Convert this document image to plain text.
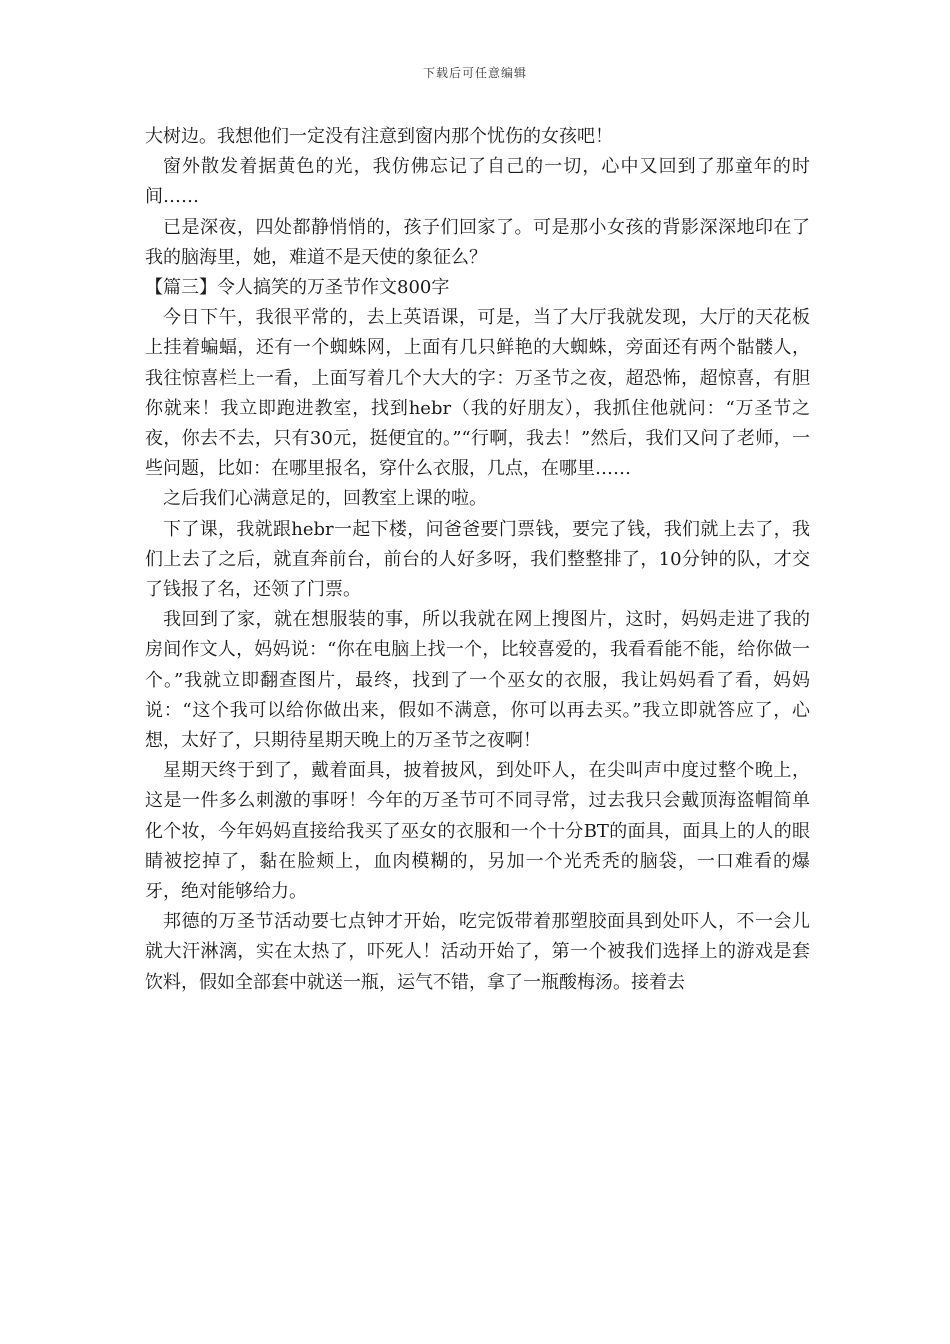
下载后可任意编辑

大树边。我想他们一定没有注意到窗内那个忧伤的女孩吧！

窗外散发着据黄色的光，我仿佛忘记了自己的一切，心中又回到了那童年的时间……

已是深夜，四处都静悄悄的，孩子们回家了。可是那小女孩的背影深深地印在了我的脑海里，她，难道不是天使的象征么？

【篇三】令人搞笑的万圣节作文800字

今日下午，我很平常的，去上英语课，可是，当了大厅我就发现，大厅的天花板上挂着蝙蝠，还有一个蜘蛛网，上面有几只鲜艳的大蜘蛛，旁面还有两个骷髅人，我往惊喜栏上一看，上面写着几个大大的字：万圣节之夜，超恐怖，超惊喜，有胆你就来！我立即跑进教室，找到hebr（我的好朋友），我抓住他就问：“万圣节之夜，你去不去，只有30元，挺便宜的。”“行啊，我去！”然后，我们又问了老师，一些问题，比如：在哪里报名，穿什么衣服，几点，在哪里……

之后我们心满意足的，回教室上课的啦。

下了课，我就跟hebr一起下楼，问爸爸要门票钱，要完了钱，我们就上去了，我们上去了之后，就直奔前台，前台的人好多呀，我们整整排了，10分钟的队，才交了钱报了名，还领了门票。

我回到了家，就在想服装的事，所以我就在网上搜图片，这时，妈妈走进了我的房间作文人，妈妈说：“你在电脑上找一个，比较喜爱的，我看看能不能，给你做一个。”我就立即翻查图片，最终，找到了一个巫女的衣服，我让妈妈看了看，妈妈说：“这个我可以给你做出来，假如不满意，你可以再去买。”我立即就答应了，心想，太好了，只期待星期天晚上的万圣节之夜啊！

星期天终于到了，戴着面具，披着披风，到处吓人，在尖叫声中度过整个晚上，这是一件多么刺激的事呀！今年的万圣节可不同寻常，过去我只会戴顶海盗帽简单化个妆，今年妈妈直接给我买了巫女的衣服和一个十分BT的面具，面具上的人的眼睛被挖掉了，黏在脸颊上，血肉模糊的，另加一个光秃秃的脑袋，一口难看的爆牙，绝对能够给力。

邦德的万圣节活动要七点钟才开始，吃完饭带着那塑胶面具到处吓人，不一会儿就大汗淋漓，实在太热了，吓死人！活动开始了，第一个被我们选择上的游戏是套饮料，假如全部套中就送一瓶，运气不错，拿了一瓶酸梅汤。接着去
